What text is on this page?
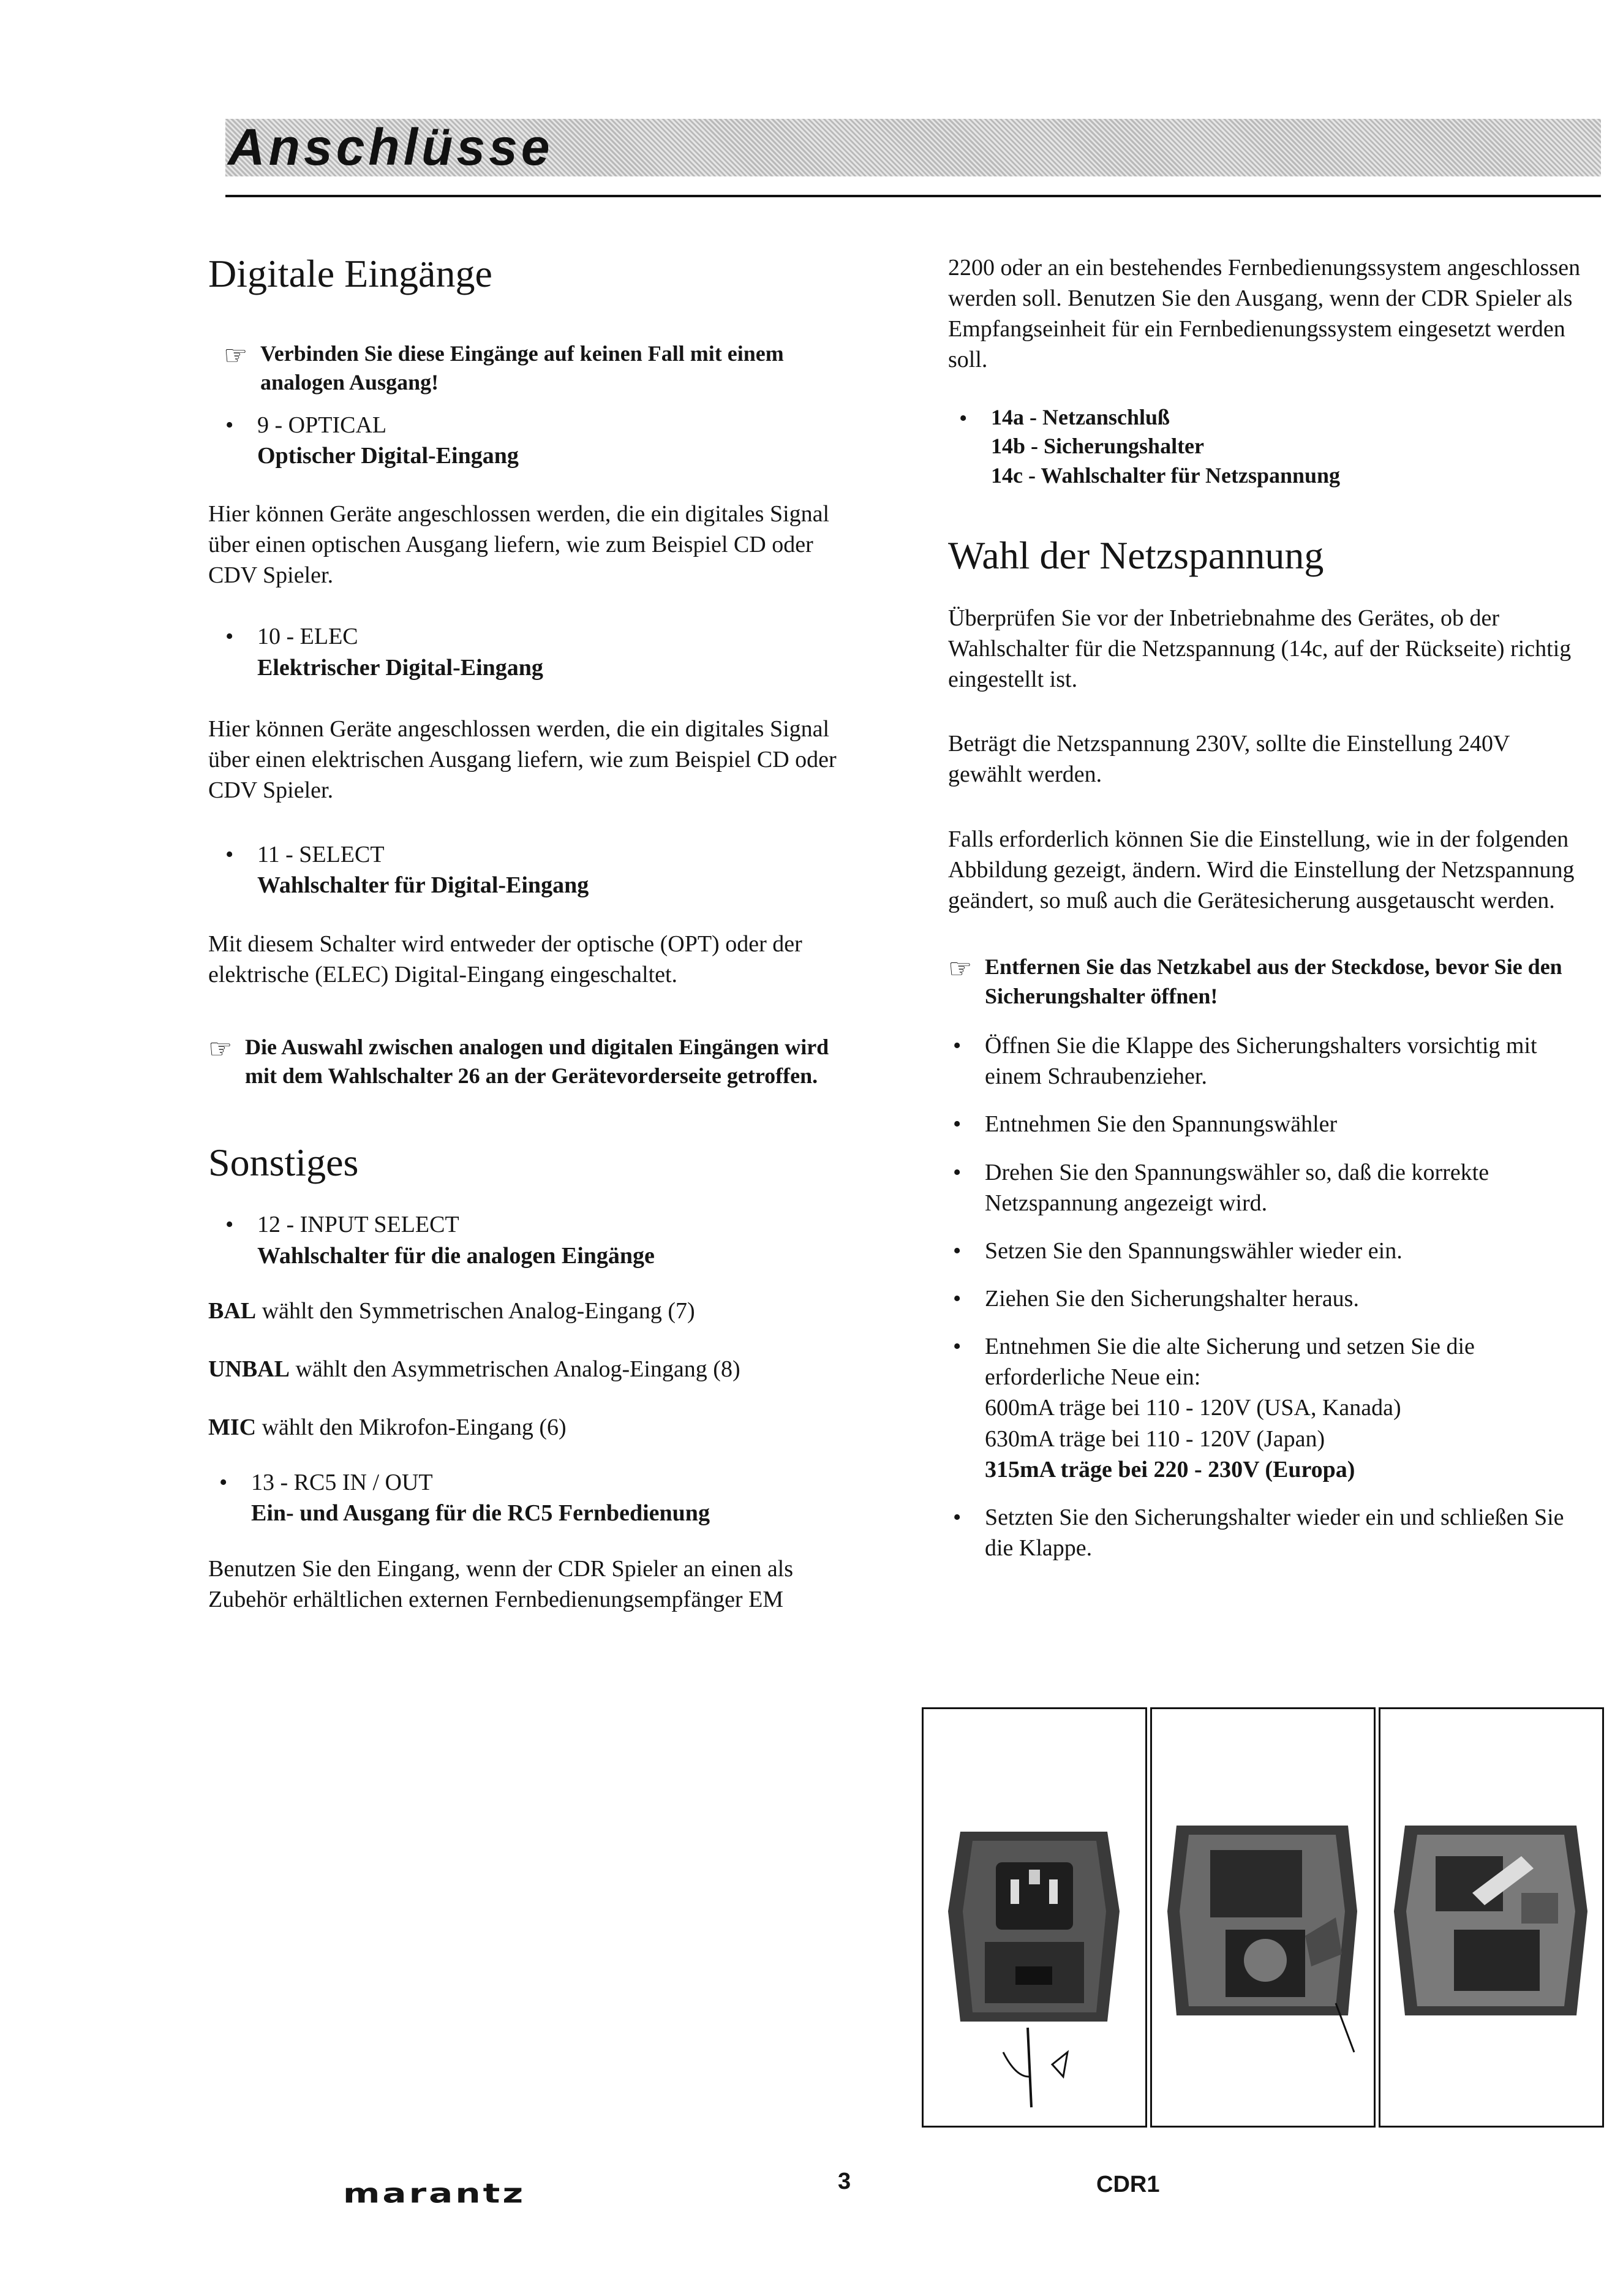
Anschlüsse
Digitale Eingänge
☞ Verbinden Sie diese Eingänge auf keinen Fall mit einem analogen Ausgang!
• 9 - OPTICAL
Optischer Digital-Eingang

Hier können Geräte angeschlossen werden, die ein digitales Signal über einen optischen Ausgang liefern, wie zum Beispiel CD oder CDV Spieler.

• 10 - ELEC
Elektrischer Digital-Eingang

Hier können Geräte angeschlossen werden, die ein digitales Signal über einen elektrischen Ausgang liefern, wie zum Beispiel CD oder CDV Spieler.

• 11 - SELECT
Wahlschalter für Digital-Eingang

Mit diesem Schalter wird entweder der optische (OPT) oder der elektrische (ELEC) Digital-Eingang eingeschaltet.

☞ Die Auswahl zwischen analogen und digitalen Eingängen wird mit dem Wahlschalter 26 an der Gerätevorderseite getroffen.
Sonstiges
• 12 - INPUT SELECT
Wahlschalter für die analogen Eingänge

BAL wählt den Symmetrischen Analog-Eingang (7)

UNBAL wählt den Asymmetrischen Analog-Eingang (8)

MIC wählt den Mikrofon-Eingang (6)

• 13 - RC5 IN / OUT
Ein- und Ausgang für die RC5 Fernbedienung

Benutzen Sie den Eingang, wenn der CDR Spieler an einen als Zubehör erhältlichen externen Fernbedienungsempfänger EM

2200 oder an ein bestehendes Fernbedienungssystem angeschlossen werden soll. Benutzen Sie den Ausgang, wenn der CDR Spieler als Empfangseinheit für ein Fernbedienungssystem eingesetzt werden soll.

• 14a - Netzanschluß
14b - Sicherungshalter
14c - Wahlschalter für Netzspannung
Wahl der Netzspannung

Überprüfen Sie vor der Inbetriebnahme des Gerätes, ob der Wahlschalter für die Netzspannung (14c, auf der Rückseite) richtig eingestellt ist.

Beträgt die Netzspannung 230V, sollte die Einstellung 240V gewählt werden.

Falls erforderlich können Sie die Einstellung, wie in der folgenden Abbildung gezeigt, ändern. Wird die Einstellung der Netzspannung geändert, so muß auch die Gerätesicherung ausgetauscht werden.

☞ Entfernen Sie das Netzkabel aus der Steckdose, bevor Sie den Sicherungshalter öffnen!
• Öffnen Sie die Klappe des Sicherungshalters vorsichtig mit einem Schraubenzieher.
• Entnehmen Sie den Spannungswähler
• Drehen Sie den Spannungswähler so, daß die korrekte Netzspannung angezeigt wird.
• Setzen Sie den Spannungswähler wieder ein.
• Ziehen Sie den Sicherungshalter heraus.
• Entnehmen Sie die alte Sicherung und setzen Sie die erforderliche Neue ein:
600mA träge bei 110 - 120V (USA, Kanada)
630mA träge bei 110 - 120V (Japan)
315mA träge bei 220 - 230V (Europa)
• Setzten Sie den Sicherungshalter wieder ein und schließen Sie die Klappe.
marantz	3	CDR1
